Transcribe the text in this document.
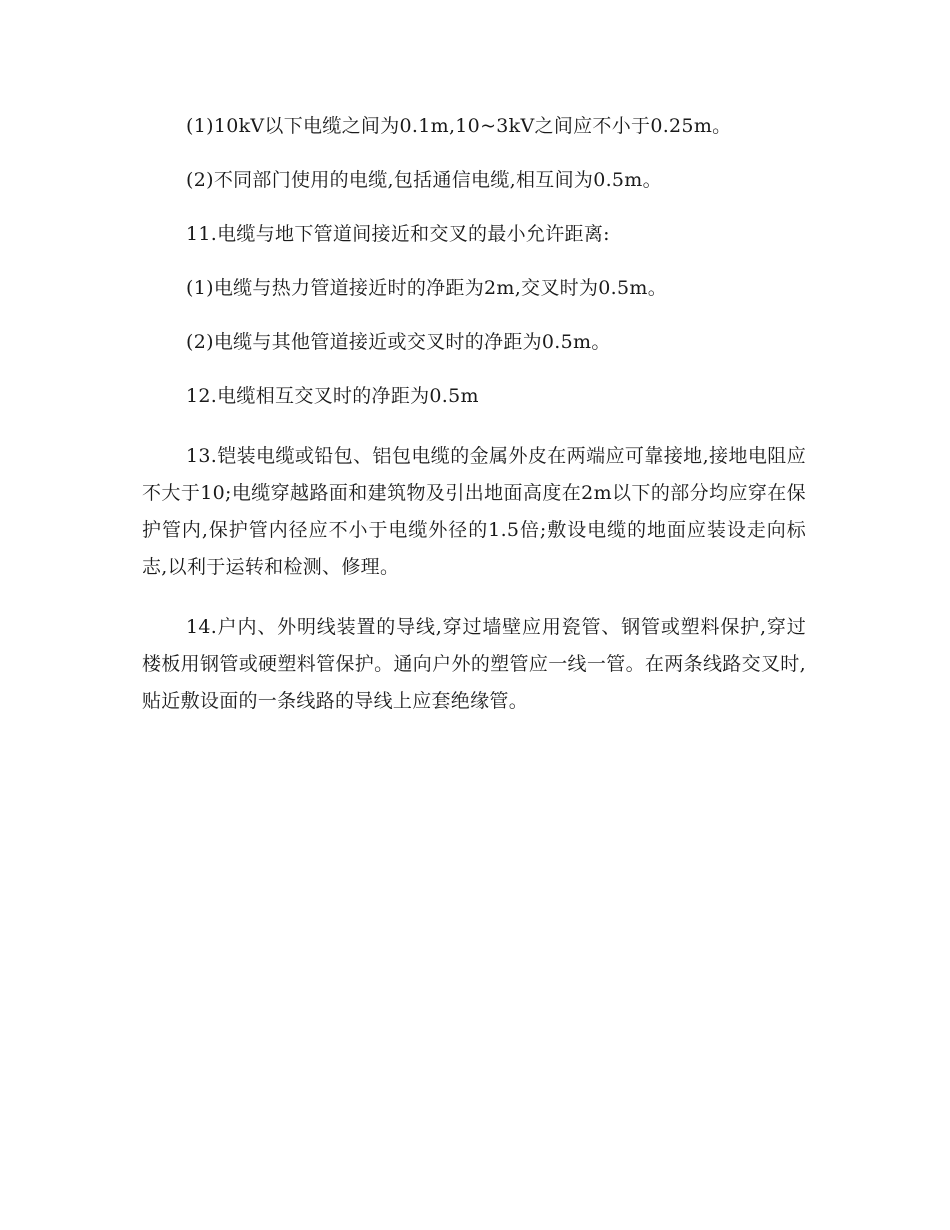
(1)10kV以下电缆之间为0.1m,10~3kV之间应不小于0.25m。

(2)不同部门使用的电缆,包括通信电缆,相互间为0.5m。

11.电缆与地下管道间接近和交叉的最小允许距离:

(1)电缆与热力管道接近时的净距为2m,交叉时为0.5m。

(2)电缆与其他管道接近或交叉时的净距为0.5m。

12.电缆相互交叉时的净距为0.5m

13.铠装电缆或铅包、铝包电缆的金属外皮在两端应可靠接地,接地电阻应不大于10;电缆穿越路面和建筑物及引出地面高度在2m以下的部分均应穿在保护管内,保护管内径应不小于电缆外径的1.5倍;敷设电缆的地面应装设走向标志,以利于运转和检测、修理。

14.户内、外明线装置的导线,穿过墙壁应用瓷管、钢管或塑料保护,穿过楼板用钢管或硬塑料管保护。通向户外的塑管应一线一管。在两条线路交叉时,贴近敷设面的一条线路的导线上应套绝缘管。
